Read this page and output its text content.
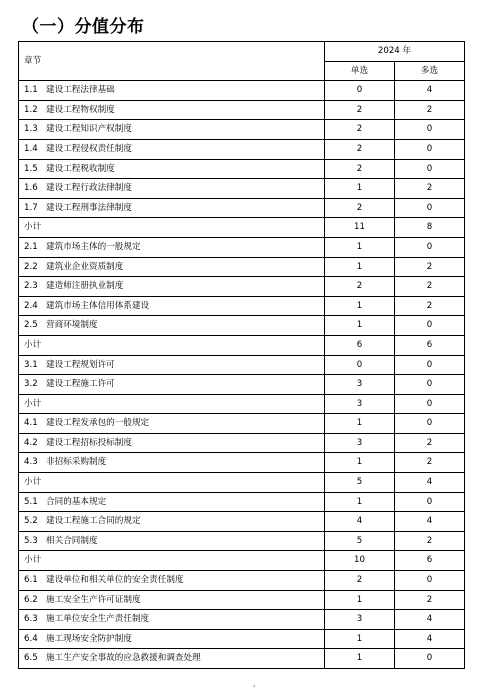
（一）分值分布
章节	2024 年	
	单选	多选
1.1 建设工程法律基础	0	4
1.2 建设工程物权制度	2	2
1.3 建设工程知识产权制度	2	0
1.4 建设工程侵权责任制度	2	0
1.5 建设工程税收制度	2	0
1.6 建设工程行政法律制度	1	2
1.7 建设工程刑事法律制度	2	0
小计	11	8
2.1 建筑市场主体的一般规定	1	0
2.2 建筑业企业资质制度	1	2
2.3 建造师注册执业制度	2	2
2.4 建筑市场主体信用体系建设	1	2
2.5 营商环境制度	1	0
小计	6	6
3.1 建设工程规划许可	0	0
3.2 建设工程施工许可	3	0
小计	3	0
4.1 建设工程发承包的一般规定	1	0
4.2 建设工程招标投标制度	3	2
4.3 非招标采购制度	1	2
小计	5	4
5.1 合同的基本规定	1	0
5.2 建设工程施工合同的规定	4	4
5.3 相关合同制度	5	2
小计	10	6
6.1 建设单位和相关单位的安全责任制度	2	0
6.2 施工安全生产许可证制度	1	2
6.3 施工单位安全生产责任制度	3	4
6.4 施工现场安全防护制度	1	4
6.5 施工生产安全事故的应急救援和调查处理	1	0
'
